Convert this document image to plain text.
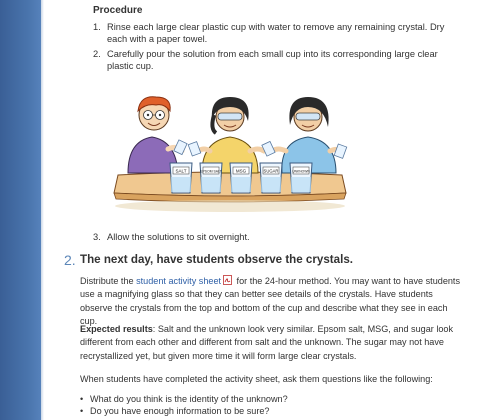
Procedure
1. Rinse each large clear plastic cup with water to remove any remaining crystal. Dry each with a paper towel.
2. Carefully pour the solution from each small cup into its corresponding large clear plastic cup.
SALT	EPSOM SALT	MSG	SUGAR	UNKNOWN
3. Allow the solutions to sit overnight.
2. The next day, have students observe the crystals.

Distribute the student activity sheet for the 24-hour method. You may want to have students use a magnifying glass so that they can better see details of the crystals. Have students observe the crystals from the top and bottom of the cup and describe what they see in each cup.

Expected results: Salt and the unknown look very similar. Epsom salt, MSG, and sugar look different from each other and different from salt and the unknown. The sugar may not have recrystallized yet, but given more time it will form large clear crystals.

When students have completed the activity sheet, ask them questions like the following:

• What do you think is the identity of the unknown?
• Do you have enough information to be sure?
